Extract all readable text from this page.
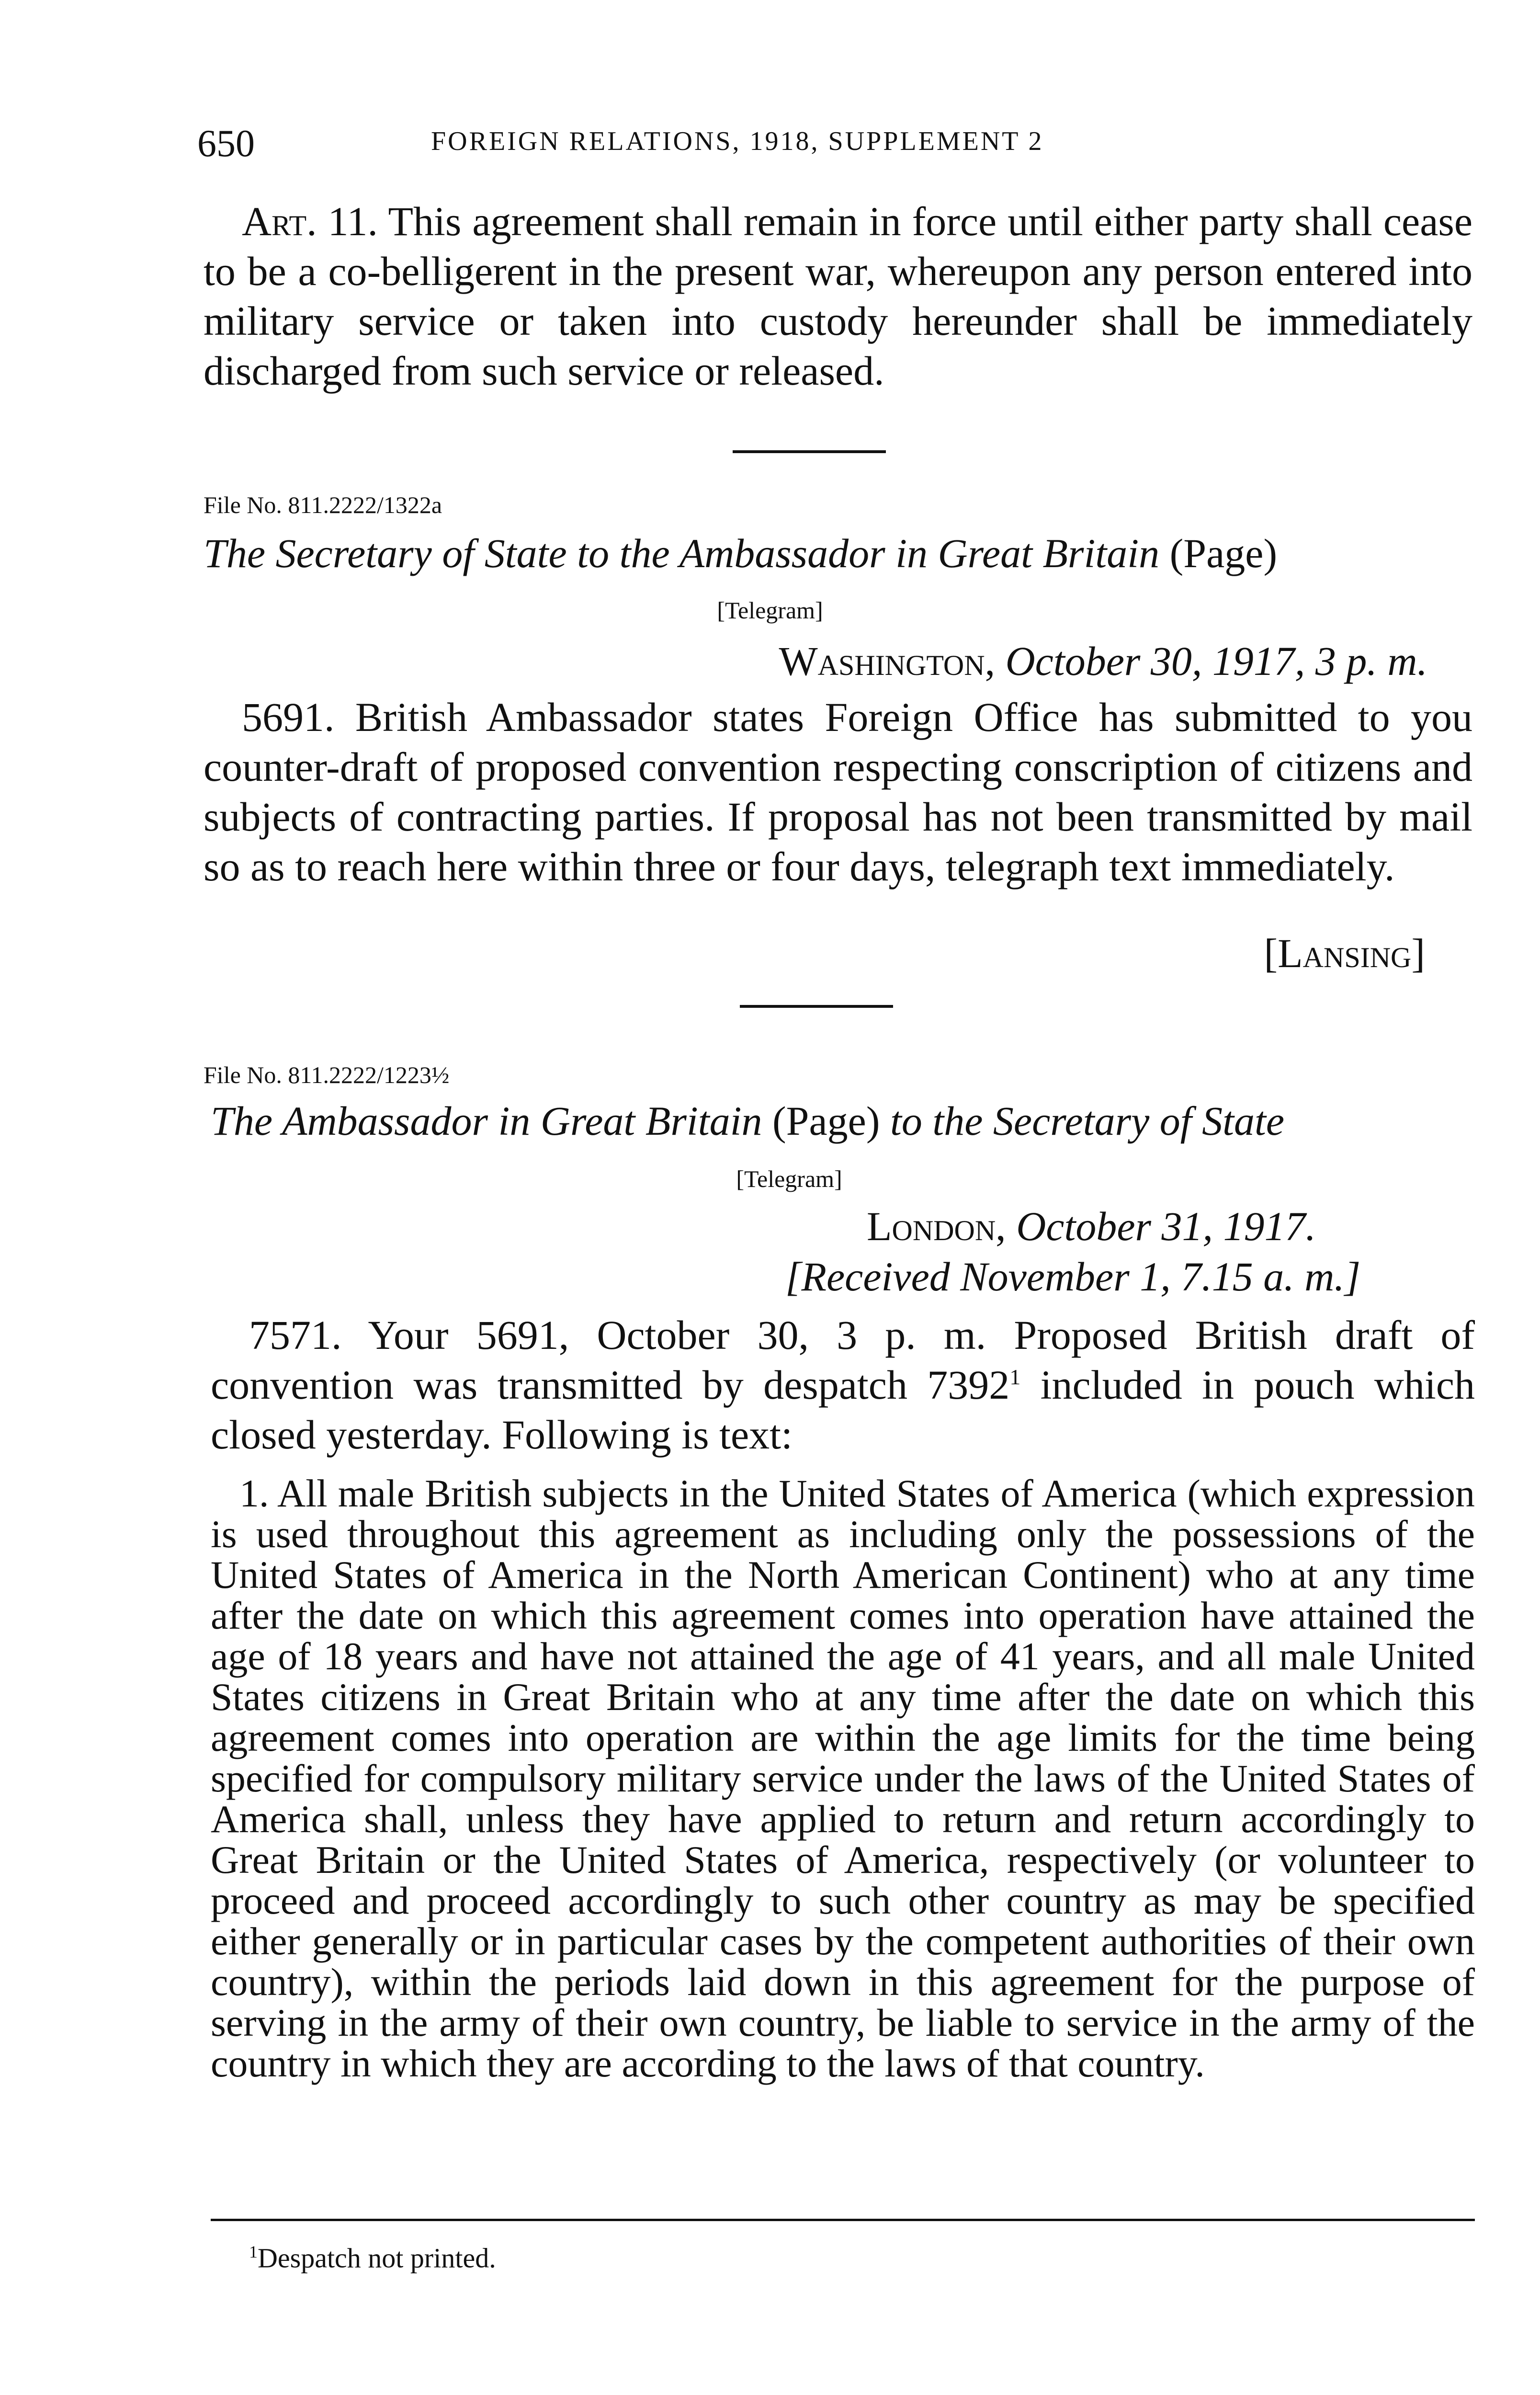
650	FOREIGN RELATIONS, 1918, SUPPLEMENT 2

Art. 11. This agreement shall remain in force until either party shall cease to be a co-belligerent in the present war, whereupon any person entered into military service or taken into custody hereunder shall be immediately discharged from such service or released.

File No. 811.2222/1322a
The Secretary of State to the Ambassador in Great Britain (Page)
[Telegram]
Washington, October 30, 1917, 3 p. m.

5691. British Ambassador states Foreign Office has submitted to you counter-draft of proposed convention respecting conscription of citizens and subjects of contracting parties. If proposal has not been transmitted by mail so as to reach here within three or four days, telegraph text immediately.

[Lansing]
File No. 811.2222/1223½
The Ambassador in Great Britain (Page) to the Secretary of State
[Telegram]
London, October 31, 1917.
[Received November 1, 7.15 a. m.]

7571. Your 5691, October 30, 3 p. m. Proposed British draft of convention was transmitted by despatch 7392$^1$ included in pouch which closed yesterday. Following is text:

1. All male British subjects in the United States of America (which expression is used throughout this agreement as including only the possessions of the United States of America in the North American Continent) who at any time after the date on which this agreement comes into operation have attained the age of 18 years and have not attained the age of 41 years, and all male United States citizens in Great Britain who at any time after the date on which this agreement comes into operation are within the age limits for the time being specified for compulsory military service under the laws of the United States of America shall, unless they have applied to return and return accordingly to Great Britain or the United States of America, respectively (or volunteer to proceed and proceed accordingly to such other country as may be specified either generally or in particular cases by the competent authorities of their own country), within the periods laid down in this agreement for the purpose of serving in the army of their own country, be liable to service in the army of the country in which they are according to the laws of that country.
$^1$Despatch not printed.
